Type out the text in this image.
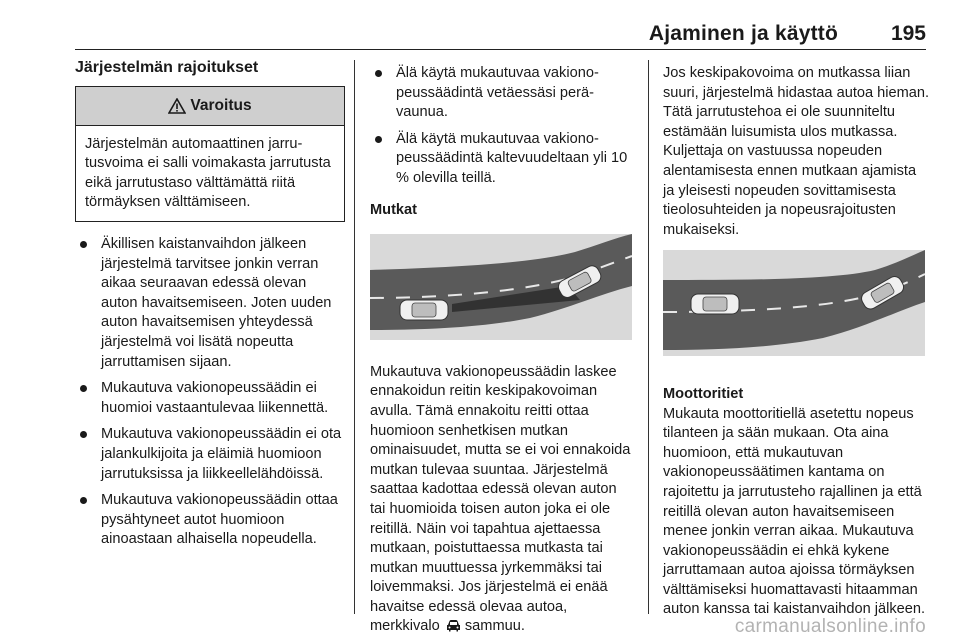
Ajaminen ja käyttö	195
Järjestelmän rajoitukset
Varoitus
Järjestelmän automaattinen jarrutusvoima ei salli voimakasta jarrutusta eikä jarrutustaso välttämättä riitä törmäyksen välttämiseen.
Äkillisen kaistanvaihdon jälkeen järjestelmä tarvitsee jonkin verran aikaa seuraavan edessä olevan auton havaitsemiseen. Joten uuden auton havaitsemisen yhteydessä järjestelmä voi lisätä nopeutta jarruttamisen sijaan.
Mukautuva vakionopeussäädin ei huomioi vastaantulevaa liikennettä.
Mukautuva vakionopeussäädin ei ota jalankulkijoita ja eläimiä huomioon jarrutuksissa ja liikkeellelähdöissä.
Mukautuva vakionopeussäädin ottaa pysähtyneet autot huomioon ainoastaan alhaisella nopeudella.
Älä käytä mukautuvaa vakionopeussäädintä vetäessäsi perävaunua.
Älä käytä mukautuvaa vakionopeussäädintä kaltevuudeltaan yli 10 % olevilla teillä.
Mutkat
Mukautuva vakionopeussäädin laskee ennakoidun reitin keskipakovoiman avulla. Tämä ennakoitu reitti ottaa huomioon senhetkisen mutkan ominaisuudet, mutta se ei voi ennakoida mutkan tulevaa suuntaa. Järjestelmä saattaa kadottaa edessä olevan auton tai huomioida toisen auton joka ei ole reitillä. Näin voi tapahtua ajettaessa mutkaan, poistuttaessa mutkasta tai mutkan muuttuessa jyrkemmäksi tai loivemmaksi. Jos järjestelmä ei enää havaitse edessä olevaa autoa, merkkivalo sammuu.
Jos keskipakovoima on mutkassa liian suuri, järjestelmä hidastaa autoa hieman. Tätä jarrutustehoa ei ole suunniteltu estämään luisumista ulos mutkassa. Kuljettaja on vastuussa nopeuden alentamisesta ennen mutkaan ajamista ja yleisesti nopeuden sovittamisesta tieolosuhteiden ja nopeusrajoitusten mukaiseksi.
Moottoritiet
Mukauta moottoritiellä asetettu nopeus tilanteen ja sään mukaan. Ota aina huomioon, että mukautuvan vakionopeussäätimen kantama on rajoitettu ja jarrutusteho rajallinen ja että reitillä olevan auton havaitsemiseen menee jonkin verran aikaa. Mukautuva vakionopeussäädin ei ehkä kykene jarruttamaan autoa ajoissa törmäyksen välttämiseksi huomattavasti hitaamman auton kanssa tai kaistanvaihdon jälkeen.
carmanualsonline.info
